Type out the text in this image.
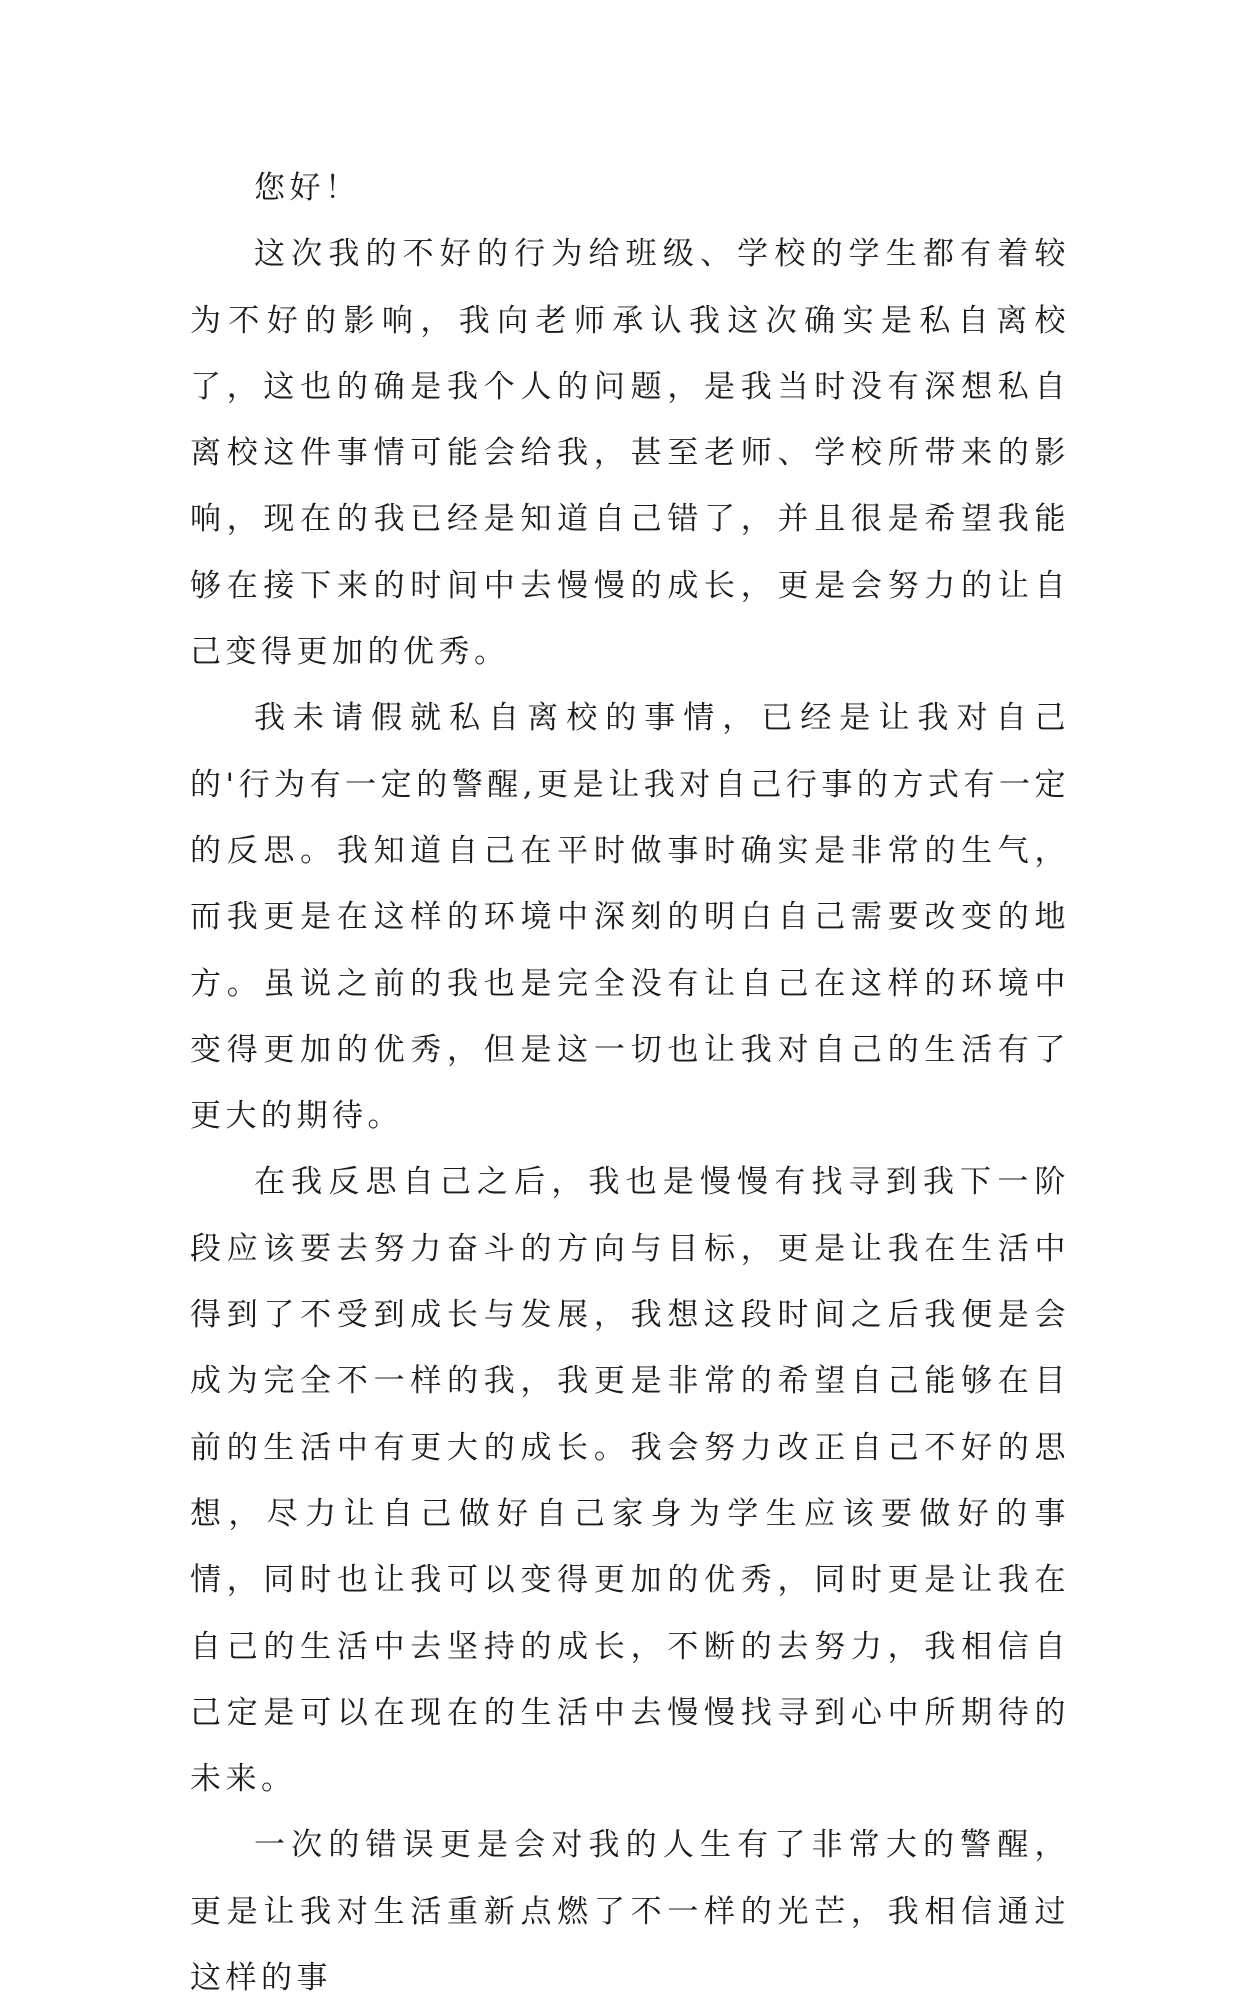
您好！

这次我的不好的行为给班级、学校的学生都有着较为不好的影响，我向老师承认我这次确实是私自离校了，这也的确是我个人的问题，是我当时没有深想私自离校这件事情可能会给我，甚至老师、学校所带来的影响，现在的我已经是知道自己错了，并且很是希望我能够在接下来的时间中去慢慢的成长，更是会努力的让自己变得更加的优秀。

我未请假就私自离校的事情，已经是让我对自己的'行为有一定的警醒,更是让我对自己行事的方式有一定的反思。我知道自己在平时做事时确实是非常的生气，而我更是在这样的环境中深刻的明白自己需要改变的地方。虽说之前的我也是完全没有让自己在这样的环境中变得更加的优秀，但是这一切也让我对自己的生活有了更大的期待。

在我反思自己之后，我也是慢慢有找寻到我下一阶段应该要去努力奋斗的方向与目标，更是让我在生活中得到了不受到成长与发展，我想这段时间之后我便是会成为完全不一样的我，我更是非常的希望自己能够在目前的生活中有更大的成长。我会努力改正自己不好的思想，尽力让自己做好自己家身为学生应该要做好的事情，同时也让我可以变得更加的优秀，同时更是让我在自己的生活中去坚持的成长，不断的去努力，我相信自己定是可以在现在的生活中去慢慢找寻到心中所期待的未来。

一次的错误更是会对我的人生有了非常大的警醒，更是让我对生活重新点燃了不一样的光芒，我相信通过这样的事
